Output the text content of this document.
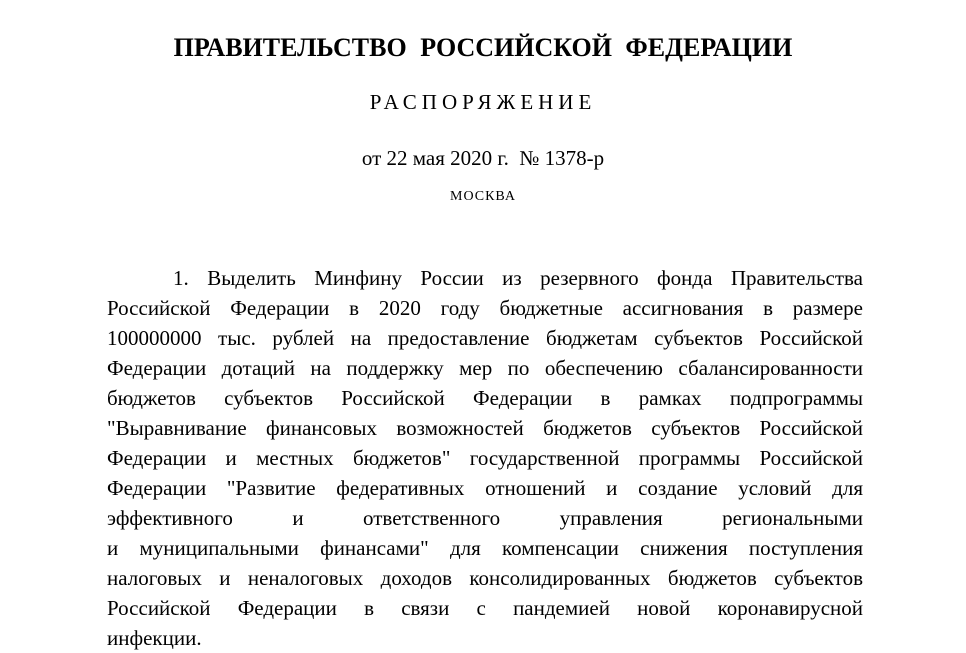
ПРАВИТЕЛЬСТВО РОССИЙСКОЙ ФЕДЕРАЦИИ
РАСПОРЯЖЕНИЕ
от 22 мая 2020 г.  № 1378-р
МОСКВА
1. Выделить Минфину России из резервного фонда Правительства
Российской Федерации в 2020 году бюджетные ассигнования в размере
100000000 тыс. рублей на предоставление бюджетам субъектов Российской
Федерации дотаций на поддержку мер по обеспечению сбалансированности
бюджетов субъектов Российской Федерации в рамках подпрограммы
"Выравнивание финансовых возможностей бюджетов субъектов Российской
Федерации и местных бюджетов" государственной программы Российской
Федерации "Развитие федеративных отношений и создание условий для
эффективного и ответственного управления региональными
и муниципальными финансами" для компенсации снижения поступления
налоговых и неналоговых доходов консолидированных бюджетов субъектов
Российской Федерации в связи с пандемией новой коронавирусной
инфекции.
